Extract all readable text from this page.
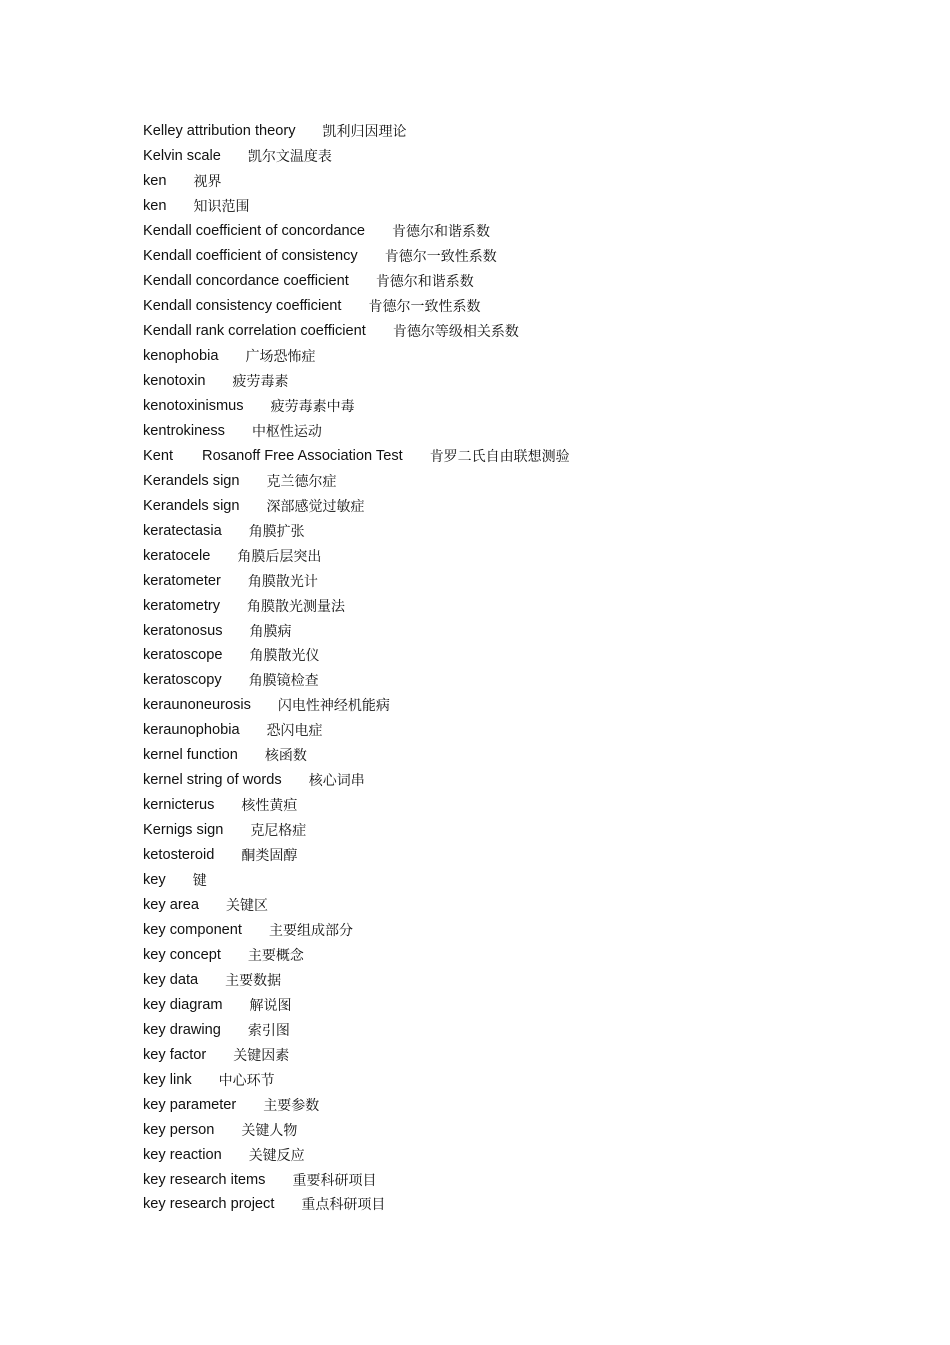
Kelley attribution theory 凯利归因理论
Kelvin scale 凯尔文温度表
ken 视界
ken 知识范围
Kendall coefficient of concordance 肯德尔和谐系数
Kendall coefficient of consistency 肯德尔一致性系数
Kendall concordance coefficient 肯德尔和谐系数
Kendall consistency coefficient 肯德尔一致性系数
Kendall rank correlation coefficient 肯德尔等级相关系数
kenophobia 广场恐怖症
kenotoxin 疲劳毒素
kenotoxinismus 疲劳毒素中毒
kentrokiness 中枢性运动
Kent Rosanoff Free Association Test 肯罗二氏自由联想测验
Kerandels sign 克兰德尔症
Kerandels sign 深部感觉过敏症
keratectasia 角膜扩张
keratocele 角膜后层突出
keratometer 角膜散光计
keratometry 角膜散光测量法
keratonosus 角膜病
keratoscope 角膜散光仪
keratoscopy 角膜镜检查
keraunoneurosis 闪电性神经机能病
keraunophobia 恐闪电症
kernel function 核函数
kernel string of words 核心词串
kernicterus 核性黄疸
Kernigs sign 克尼格症
ketosteroid 酮类固醇
key 键
key area 关键区
key component 主要组成部分
key concept 主要概念
key data 主要数据
key diagram 解说图
key drawing 索引图
key factor 关键因素
key link 中心环节
key parameter 主要参数
key person 关键人物
key reaction 关键反应
key research items 重要科研项目
key research project 重点科研项目
